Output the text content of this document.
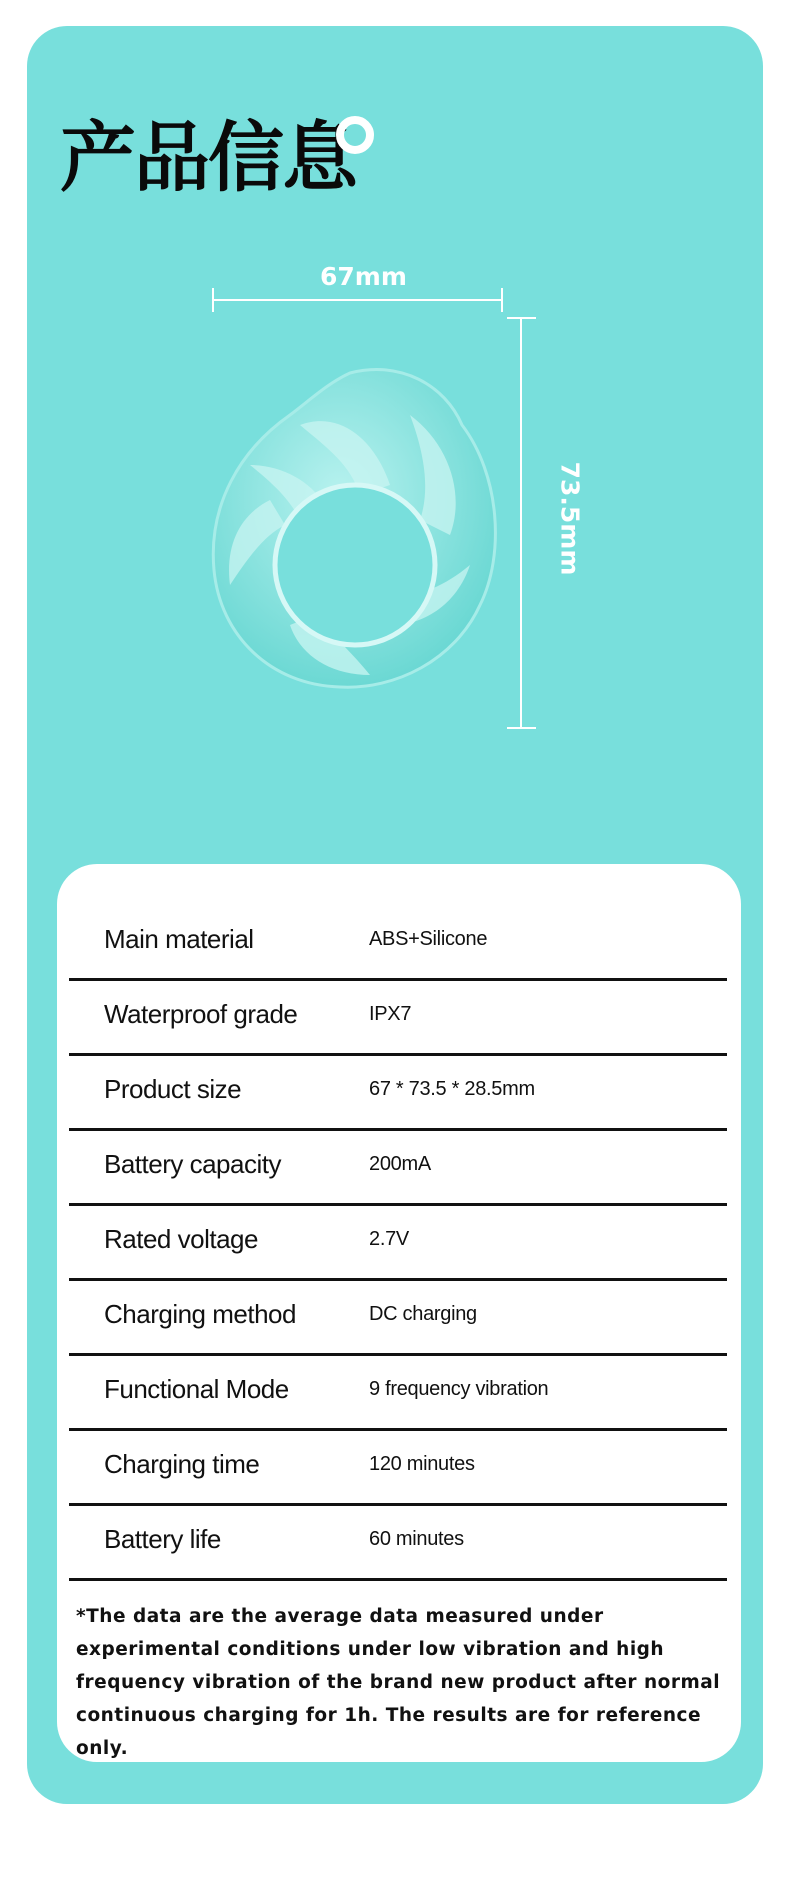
产品信息
67mm
73.5mm
Main material	ABS+Silicone
Waterproof grade	IPX7
Product size	67 * 73.5 * 28.5mm
Battery capacity	200mA
Rated voltage	2.7V
Charging method	DC charging
Functional Mode	9 frequency vibration
Charging time	120 minutes
Battery life	60 minutes

*The data are the average data measured under experimental conditions under low vibration and high frequency vibration of the brand new product after normal continuous charging for 1h. The results are for reference only.
